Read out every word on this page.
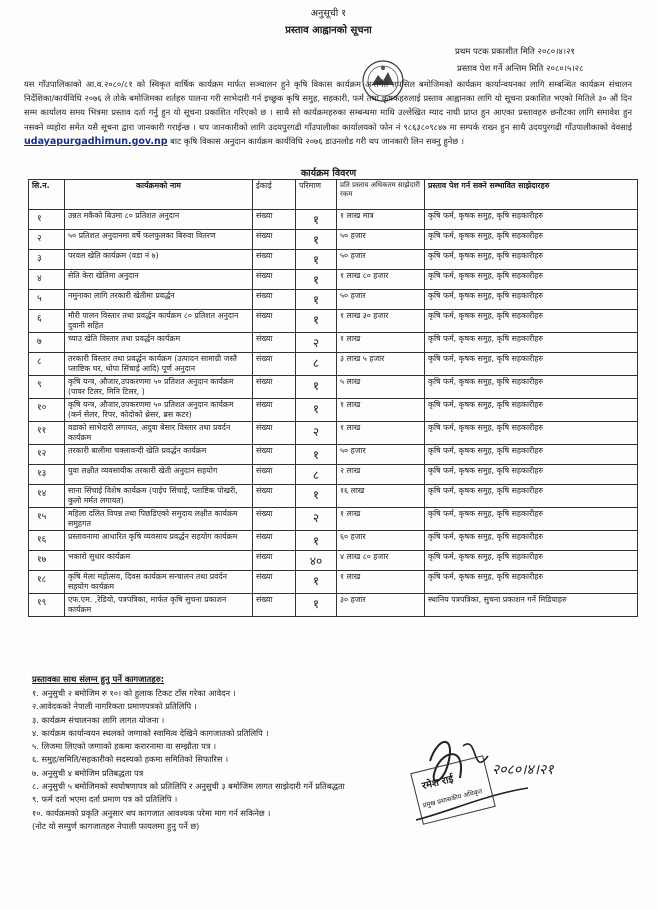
अनुसूची १
प्रस्ताव आह्वानको सूचना
प्रथम पटक प्रकाशीत मिति २०८०।४।२१
प्रस्ताव पेश गर्ने अन्तिम मिति २०८०।५।२८
यस गाँउपालिकाको आ.व.२०८०/८१ को स्विकृत वार्षिक कार्यक्रम मार्फत सञ्चालन हुने कृषि विकास कार्यक्रम अन्तर्गत तपसिल बमोजिमको कार्यक्रम कार्यान्वयनका लागि सम्बन्धित कार्यक्रम संचालन निर्देशिका/कार्यविधि २०७६ ले तोके बमोजिमका शर्तहरु पालना गरी साभेदारी गर्न इच्छुक कृषि समुह, सहकारी, फर्म तथा कृषकहरुलाई प्रस्ताव आह्वानका लागि यो सूचना प्रकाशित भएको मितिले ३० औं दिन सम्म कार्यालय समय भित्रमा प्रस्ताव दर्ता गर्नु हुन यो सूचना प्रकाशित गरिएको छ । साथै सो कार्यक्रमहरुका सम्बन्धमा माथि उल्लेखित म्याद नाघी प्राप्त हुन आएका प्रस्तावहरु छनौटका लागि समावेश हुन नसक्ने व्यहोरा समेत यसै सूचना द्वारा जानकारी गराईन्छ । थप जानकारीको लागि उदयपुरगढी गाँउपालीका कार्यालयको फोन नं ९८६३८०९८४७ मा सम्पर्क राख्न हुन साथै उदयपुरगढी गाँउपालीकाको वेवसाई udayapurgadhimun.gov.np बाट कृषि विकास अनुदान कार्यक्रम कार्यविधि २०७६ डाउनलोड गरी थप जानकारी लिन सक्नु हुनेछ ।
कार्यक्रम विवरण
सि.न.	कार्यक्रमको नाम	ईकाई	परिमाण	प्रति प्रस्ताव अधिकतम साझेदारी रकम	प्रस्ताव पेश गर्न सक्ने सम्भावित साझेदारहरु
१	उन्नत मकैको बिउमा ८० प्रतिशत अनुदान	संख्या	१	१ लाख मात्र	कृषि फर्म, कृषक समुह, कृषि सहकारीहरु
२	५० प्रतिशत अनुदानमा वर्षे फलफुलका बिरुवा वितरण	संख्या	१	५० हजार	कृषि फर्म, कृषक समुह, कृषि सहकारीहरु
३	परवल खेति कार्यक्रम (वडा नं ७)	संख्या	१	५० हजार	कृषि फर्म, कृषक समुह, कृषि सहकारीहरु
४	सेति केरा खेतिमा अनुदान	संख्या	१	१ लाख ८० हजार	कृषि फर्म, कृषक समुह, कृषि सहकारीहरु
५	नमुनाका लागि तरकारी खेतीमा प्रवर्द्धन	संख्या	१	५० हजार	कृषि फर्म, कृषक समुह, कृषि सहकारीहरु
६	मौरी पालन विस्तार तथा प्रवर्द्धन कार्यक्रम ८० प्रतिशत अनुदान दुवानी सहित	संख्या	१	१ लाख ३० हजार	कृषि फर्म, कृषक समुह, कृषि सहकारीहरु
७	च्याउ खेति विस्तार तथा प्रवर्द्धन कार्यक्रम	संख्या	२	१ लाख	कृषि फर्म, कृषक समुह, कृषि सहकारीहरु
८	तरकारी विस्तार तथा प्रवर्द्धन कार्यक्रम (उत्पादन सामाग्री जस्तै प्लाष्टिक घर, थोपा सिंचाई आदि) पूर्ण अनुदान	संख्या	८	३ लाख ५ हजार	कृषि फर्म, कृषक समुह, कृषि सहकारीहरु
९	कृषि यन्त्र, औजार,उपकरणमा ५० प्रतिशत अनुदान कार्यक्रम (पावर टिलर, मिनि टिलर, )	संख्या	१	५ लाख	कृषि फर्म, कृषक समुह, कृषि सहकारीहरु
१०	कृषि यन्त्र, औजार,उपकरणमा ५० प्रतिशत अनुदान कार्यक्रम (कर्न सेलर, रिपर, कोदोको थ्रेसर, ब्रस कटर)	संख्या	१	१ लाख	कृषि फर्म, कृषक समुह, कृषि सहकारीहरु
११	वडाको साभेदारी लगायत, अदुवा बेसार विस्तार तथा प्रवर्दन कार्यक्रम	संख्या	२	१ लाख	कृषि फर्म, कृषक समुह, कृषि सहकारीहरु
१२	तरकारी बालीमा चक्लावन्दी खेति प्रवर्द्धन कार्यक्रम	संख्या	१	५० हजार	कृषि फर्म, कृषक समुह, कृषि सहकारीहरु
१३	युवा लक्षीत व्यवसायीक तरकारी खेती अनुदान सहयोग	संख्या	८	२ लाख	कृषि फर्म, कृषक समुह, कृषि सहकारीहरु
१४	साना सिंचाई विशेष कार्यक्रम (पाईप सिंचाई, प्लाष्टिक पोखरी, कुलो मर्मत लगायत)	संख्या	१	१६ लाख	कृषि फर्म, कृषक समुह, कृषि सहकारीहरु
१५	महिला दलित विपन्न तथा पिछडिएको समुदाय लक्षीत कार्यक्रम समुहगत	संख्या	२	१ लाख	कृषि फर्म, कृषक समुह, कृषि सहकारीहरु
१६	प्रस्तावनामा आधारित कृषि व्यवसाय प्रवर्द्धन सहयोग कार्यक्रम	संख्या	१	६० हजार	कृषि फर्म, कृषक समुह, कृषि सहकारीहरु
१७	भकारो सुधार कार्यक्रम	संख्या	४०	४ लाख ८० हजार	कृषि फर्म, कृषक समुह, कृषि सहकारीहरु
१८	कृषि मेला महोत्सव, दिवस कार्यक्रम सन्चालन तथा प्रवर्दन सहयोग कार्यक्रम	संख्या	१	१ लाख	कृषि फर्म, कृषक समुह, कृषि सहकारीहरु
१९	एफ.एम. ,रेडियो, पत्रपत्रिका, मार्फत कृषि सुचना प्रकाशन कार्यक्रम	संख्या	१	३० हजार	स्थानिय पत्रपत्रिका, सुचना प्रकाशन गर्ने मिडियाहरु
प्रस्तावका साथ संलग्न हुनु पर्ने कागजातहरु:
१. अनुसुची २ बमोजिम रु १०। को हुलाक टिकट टाँस गरेका आवेदन ।
२.आवेदकको नेपाली नागरिकता प्रमाणपत्रको प्रतिलिपि ।
३. कार्यक्रम संचालनका लागि लागत योजना ।
४. कार्यक्रम कार्यान्वयन स्थलको जग्गाको स्वामित्व देखिने कागजातको प्रतिलिपि ।
५. लिजमा लिएको जग्गाको हकमा करारनामा वा सम्झौता पत्र ।
६. समुह/समिति/सहकारीको सदस्यको हकमा समितिको सिफारिस ।
७. अनुसुची ४ बमोजिम प्रतिबद्धता पत्र
८. अनुसुची ५ बमोजिमको स्वघोषणापत्र को प्रतिलिपि र अनुसुची ३ बमोजिम लागत साझेदारी गर्ने प्रतिबद्धता
९. फर्म दर्ता भएमा दर्ता प्रमाण पत्र को प्रतिलिपि ।
१०. कार्यक्रमको प्रकृति अनुसार थप कागजात आवश्यक परेमा माग गर्न सकिनेछ ।
(नोट यो सम्पुर्ण कागजातहरु नेपाली फायलमा हुनु पर्ने छ)
रमेश राई
प्रमुख प्रशासकीय अधिकृत
२०८०।४।२१
